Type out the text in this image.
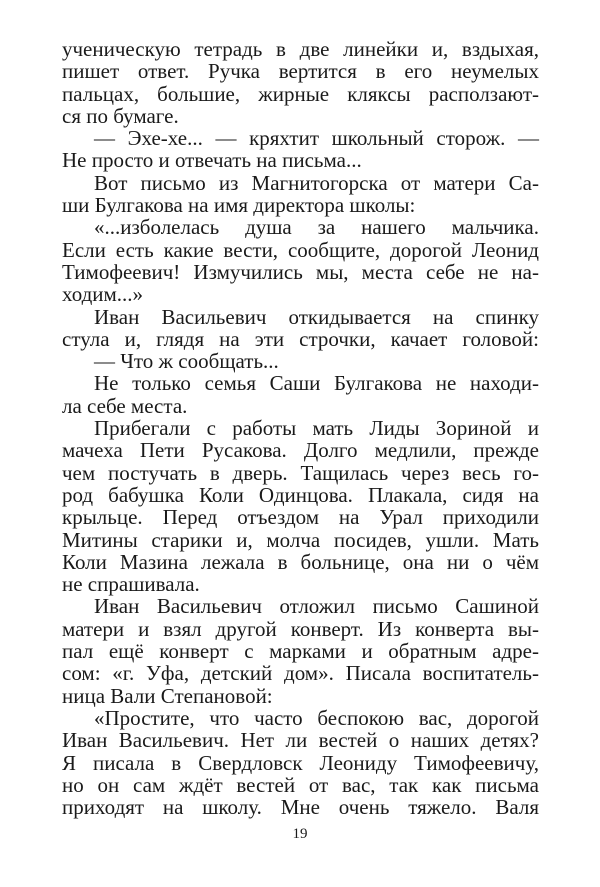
ученическую тетрадь в две линейки и, вздыхая,
пишет ответ. Ручка вертится в его неумелых
пальцах, большие, жирные кляксы расползают-
ся по бумаге.
— Эхе-хе... — кряхтит школьный сторож. —
Не просто и отвечать на письма...
Вот письмо из Магнитогорска от матери Са-
ши Булгакова на имя директора школы:
«...изболелась душа за нашего мальчика.
Если есть какие вести, сообщите, дорогой Леонид
Тимофеевич! Измучились мы, места себе не на-
ходим...»
Иван Васильевич откидывается на спинку
стула и, глядя на эти строчки, качает головой:
— Что ж сообщать...
Не только семья Саши Булгакова не находи-
ла себе места.
Прибегали с работы мать Лиды Зориной и
мачеха Пети Русакова. Долго медлили, прежде
чем постучать в дверь. Тащилась через весь го-
род бабушка Коли Одинцова. Плакала, сидя на
крыльце. Перед отъездом на Урал приходили
Митины старики и, молча посидев, ушли. Мать
Коли Мазина лежала в больнице, она ни о чём
не спрашивала.
Иван Васильевич отложил письмо Сашиной
матери и взял другой конверт. Из конверта вы-
пал ещё конверт с марками и обратным адре-
сом: «г. Уфа, детский дом». Писала воспитатель-
ница Вали Степановой:
«Простите, что часто беспокою вас, дорогой
Иван Васильевич. Нет ли вестей о наших детях?
Я писала в Свердловск Леониду Тимофеевичу,
но он сам ждёт вестей от вас, так как письма
приходят на школу. Мне очень тяжело. Валя
19
